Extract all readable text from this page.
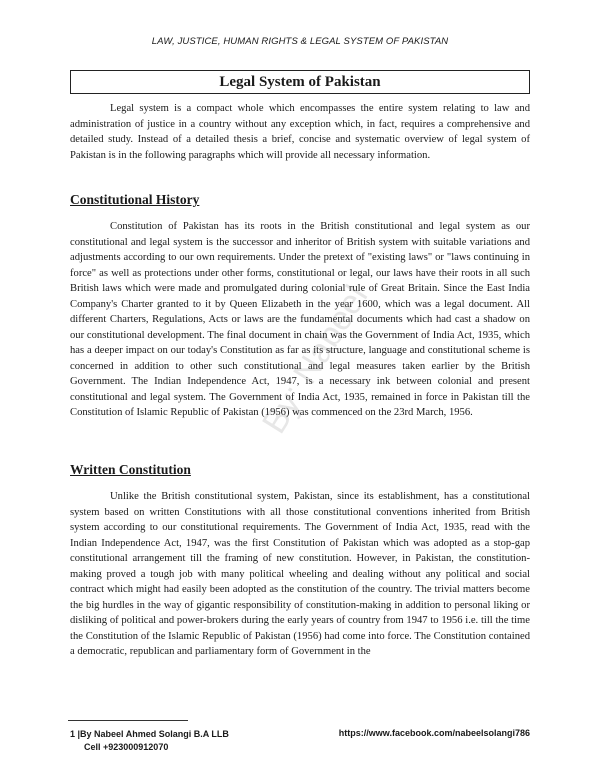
LAW, JUSTICE, HUMAN RIGHTS & LEGAL SYSTEM OF PAKISTAN
Legal System of Pakistan

Legal system is a compact whole which encompasses the entire system relating to law and administration of justice in a country without any exception which, in fact, requires a comprehensive and detailed study. Instead of a detailed thesis a brief, concise and systematic overview of legal system of Pakistan is in the following paragraphs which will provide all necessary information.

Constitutional History

Constitution of Pakistan has its roots in the British constitutional and legal system as our constitutional and legal system is the successor and inheritor of British system with suitable variations and adjustments according to our own requirements. Under the pretext of "existing laws" or "laws continuing in force" as well as protections under other forms, constitutional or legal, our laws have their roots in all such British laws which were made and promulgated during colonial rule of Great Britain. Since the East India Company's Charter granted to it by Queen Elizabeth in the year 1600, which was a legal document. All different Charters, Regulations, Acts or laws are the fundamental documents which had cast a shadow on our constitutional development. The final document in chain was the Government of India Act, 1935, which has a deeper impact on our today's Constitution as far as its structure, language and constitutional scheme is concerned in addition to other such constitutional and legal measures taken earlier by the British Government. The Indian Independence Act, 1947, is a necessary ink between colonial and present constitutional and legal system. The Government of India Act, 1935, remained in force in Pakistan till the Constitution of Islamic Republic of Pakistan (1956) was commenced on the 23rd March, 1956.

Written Constitution

Unlike the British constitutional system, Pakistan, since its establishment, has a constitutional system based on written Constitutions with all those constitutional conventions inherited from British system according to our constitutional requirements. The Government of India Act, 1935, read with the Indian Independence Act, 1947, was the first Constitution of Pakistan which was adopted as a stop-gap constitutional arrangement till the framing of new constitution. However, in Pakistan, the constitution-making proved a tough job with many political wheeling and dealing without any political and social contract which might had easily been adopted as the constitution of the country. The trivial matters become the big hurdles in the way of gigantic responsibility of constitution-making in addition to personal liking or disliking of political and power-brokers during the early years of country from 1947 to 1956 i.e. till the time the Constitution of the Islamic Republic of Pakistan (1956) had come into force. The Constitution contained a democratic, republican and parliamentary form of Government in the

By: Nabeel
1 |By Nabeel Ahmed Solangi B.A LLB
Cell +923000912070
https://www.facebook.com/nabeelsolangi786
